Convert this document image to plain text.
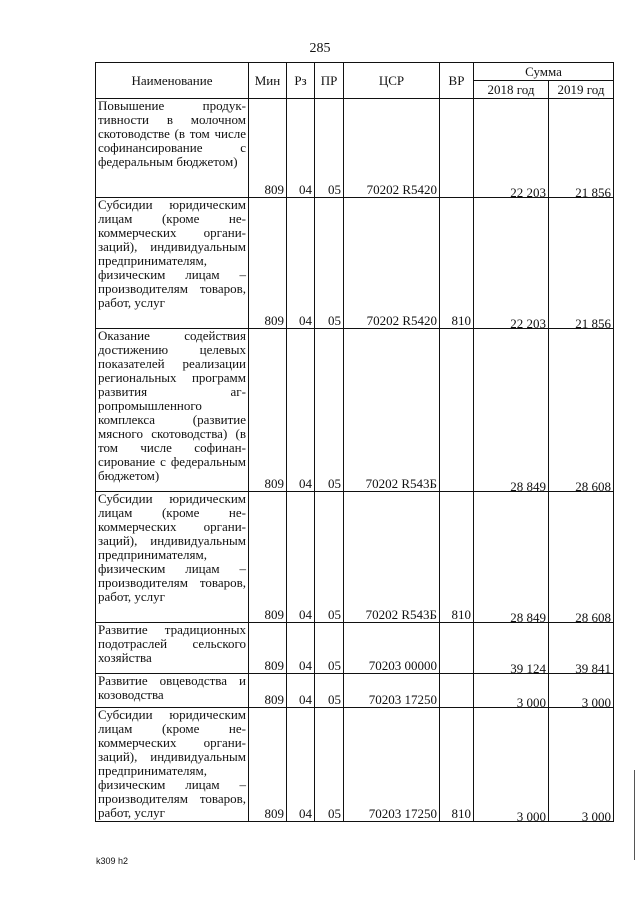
285
Наименование	Мин	Рз	ПР	ЦСР	ВР	Сумма	
						2018 год	2019 год
Повышение продуктивности в молочном скотоводстве (в том числе софинансирование с федеральным бюджетом)	809	04	05	70202 R5420		22 203	21 856
Субсидии юридическим лицам (кроме некоммерческих организаций), индивидуальным предпринимателям, физическим лицам – производителям товаров, работ, услуг	809	04	05	70202 R5420	810	22 203	21 856
Оказание содействия достижению целевых показателей реализации региональных программ развития агропромышленного комплекса (развитие мясного скотоводства) (в том числе софинансирование с федеральным бюджетом)	809	04	05	70202 R543Б		28 849	28 608
Субсидии юридическим лицам (кроме некоммерческих организаций), индивидуальным предпринимателям, физическим лицам – производителям товаров, работ, услуг	809	04	05	70202 R543Б	810	28 849	28 608
Развитие традиционных подотраслей сельского хозяйства	809	04	05	70203 00000		39 124	39 841
Развитие овцеводства и козоводства	809	04	05	70203 17250		3 000	3 000
Субсидии юридическим лицам (кроме некоммерческих организаций), индивидуальным предпринимателям, физическим лицам – производителям товаров, работ, услуг	809	04	05	70203 17250	810	3 000	3 000
k309 h2
